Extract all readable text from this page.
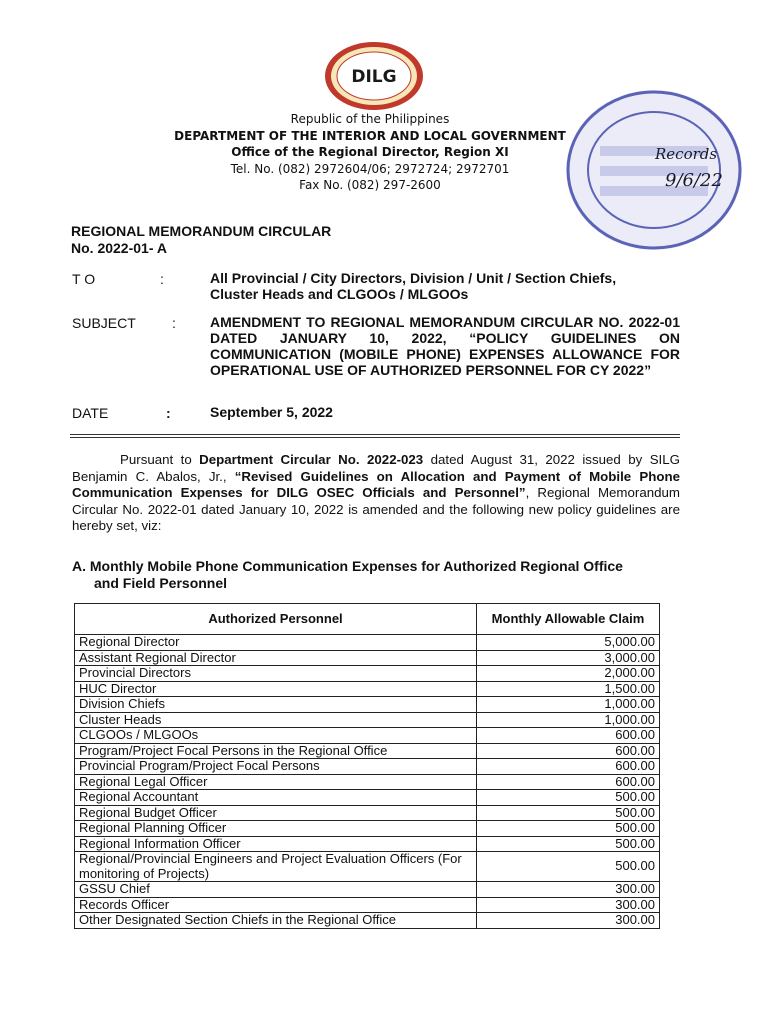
DILG
Republic of the Philippines
DEPARTMENT OF THE INTERIOR AND LOCAL GOVERNMENT
Office of the Regional Director, Region XI
Tel. No. (082) 2972604/06; 2972724; 2972701
Fax No. (082) 297-2600
Records
9/6/22
REGIONAL MEMORANDUM CIRCULAR
No. 2022-01- A
T O	:	All Provincial / City Directors, Division / Unit / Section Chiefs,
Cluster Heads and CLGOOs / MLGOOs
SUBJECT	: AMENDMENT TO REGIONAL MEMORANDUM CIRCULAR NO. 2022-01 DATED JANUARY 10, 2022, “POLICY GUIDELINES ON COMMUNICATION (MOBILE PHONE) EXPENSES ALLOWANCE FOR OPERATIONAL USE OF AUTHORIZED PERSONNEL FOR CY 2022”
DATE	:	September 5, 2022
Pursuant to Department Circular No. 2022-023 dated August 31, 2022 issued by SILG Benjamin C. Abalos, Jr., “Revised Guidelines on Allocation and Payment of Mobile Phone Communication Expenses for DILG OSEC Officials and Personnel”, Regional Memorandum Circular No. 2022-01 dated January 10, 2022 is amended and the following new policy guidelines are hereby set, viz:
A. Monthly Mobile Phone Communication Expenses for Authorized Regional Office
and Field Personnel
Authorized Personnel	Monthly Allowable Claim
Regional Director	5,000.00
Assistant Regional Director	3,000.00
Provincial Directors	2,000.00
HUC Director	1,500.00
Division Chiefs	1,000.00
Cluster Heads	1,000.00
CLGOOs / MLGOOs	600.00
Program/Project Focal Persons in the Regional Office	600.00
Provincial Program/Project Focal Persons	600.00
Regional Legal Officer	600.00
Regional Accountant	500.00
Regional Budget Officer	500.00
Regional Planning Officer	500.00
Regional Information Officer	500.00
Regional/Provincial Engineers and Project Evaluation Officers (For monitoring of Projects)	500.00
GSSU Chief	300.00
Records Officer	300.00
Other Designated Section Chiefs in the Regional Office	300.00
